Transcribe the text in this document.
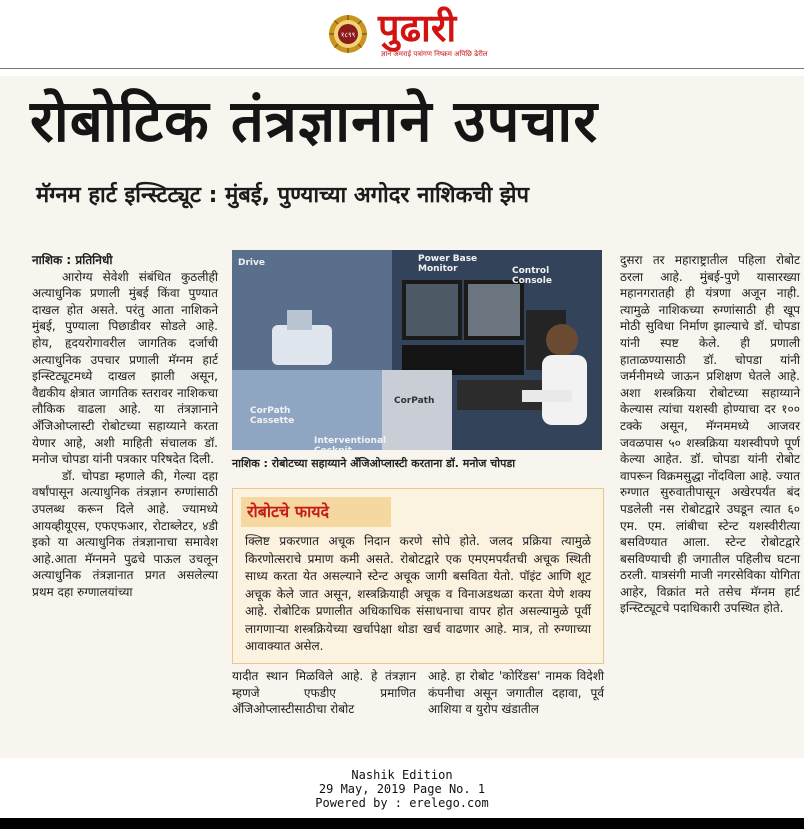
१८९९ पुढारी
ज्ञान अमराई पत्रांगण निष्क्रम अपिछि ढेरील
रोबोटिक तंत्रज्ञानाने उपचार
मॅग्नम हार्ट इन्स्टिट्यूट : मुंबई, पुण्याच्या अगोदर नाशिकची झेप
नाशिक : प्रतिनिधी

आरोग्य सेवेशी संबंधित कुठलीही अत्याधुनिक प्रणाली मुंबई किंवा पुण्यात दाखल होत असते. परंतु आता नाशिकने मुंबई, पुण्याला पिछाडीवर सोडले आहे. होय, हृदयरोगावरील जागतिक दर्जाची अत्याधुनिक उपचार प्रणाली मॅग्नम हार्ट इन्स्टिट्यूटमध्ये दाखल झाली असून, वैद्यकीय क्षेत्रात जागतिक स्तरावर नाशिकचा लौकिक वाढला आहे. या तंत्रज्ञानाने अँजिओप्लास्टी रोबोटच्या सहाय्याने करता येणार आहे, अशी माहिती संचालक डॉ. मनोज चोपडा यांनी पत्रकार परिषदेत दिली.

डॉ. चोपडा म्हणाले की, गेल्या दहा वर्षांपासून अत्याधुनिक तंत्रज्ञान रुग्णांसाठी उपलब्ध करून दिले आहे. ज्यामध्ये आयव्हीयूएस, एफएफआर, रोटाब्लेटर, ४डी इको या अत्याधुनिक तंत्रज्ञानाचा समावेश आहे.आता मॅग्नमने पुढचे पाऊल उचलून अत्याधुनिक तंत्रज्ञानात प्रगत असलेल्या प्रथम दहा रुग्णालयांच्या

Drive	Power Base
Monitor	Control
Console
CorPath
Cassette
Interventional
Cockpit
CorPath
नाशिक : रोबोटच्या सहाय्याने अँजिओप्लास्टी करताना डॉ. मनोज चोपडा
रोबोटचे फायदे
क्लिष्ट प्रकरणात अचूक निदान करणे सोपे होते. जलद प्रक्रिया त्यामुळे किरणोत्सराचे प्रमाण कमी असते. रोबोटद्वारे एक एमएमपर्यंतची अचूक स्थिती साध्य करता येत असल्याने स्टेन्ट अचूक जागी बसविता येतो. पॉइंट आणि शूट अचूक केले जात असून, शस्त्रक्रियाही अचूक व विनाअडथळा करता येणे शक्य आहे. रोबोटिक प्रणालीत अधिकाधिक संसाधनाचा वापर होत असल्यामुळे पूर्वी लागणाऱ्या शस्त्रक्रियेच्या खर्चापेक्षा थोडा खर्च वाढणार आहे. मात्र, तो रुग्णाच्या आवाक्यात असेल.
यादीत स्थान मिळविले आहे. हे तंत्रज्ञान म्हणजे एफडीए प्रमाणित अँजिओप्लास्टीसाठीचा रोबोट
आहे. हा रोबोट 'कोरिंडस' नामक विदेशी कंपनीचा असून जगातील दहावा, पूर्व आशिया व युरोप खंडातील
दुसरा तर महाराष्ट्रातील पहिला रोबोट ठरला आहे. मुंबई-पुणे यासारख्या महानगरातही ही यंत्रणा अजून नाही. त्यामुळे नाशिकच्या रुग्णांसाठी ही खूप मोठी सुविधा निर्माण झाल्याचे डॉ. चोपडा यांनी स्पष्ट केले. ही प्रणाली हाताळण्यासाठी डॉ. चोपडा यांनी जर्मनीमध्ये जाऊन प्रशिक्षण घेतले आहे. अशा शस्त्रक्रिया रोबोटच्या सहाय्याने केल्यास त्यांचा यशस्वी होण्याचा दर १०० टक्के असून, मॅग्नममध्ये आजवर जवळपास ५० शस्त्रक्रिया यशस्वीपणे पूर्ण केल्या आहेत. डॉ. चोपडा यांनी रोबोट वापरून विक्रमसुद्धा नोंदविला आहे. ज्यात रुग्णात सुरुवातीपासून अखेरपर्यंत बंद पडलेली नस रोबोटद्वारे उघडून त्यात ६० एम. एम. लांबीचा स्टेन्ट यशस्वीरीत्या बसविण्यात आला. स्टेन्ट रोबोटद्वारे बसविण्याची ही जगातील पहिलीच घटना ठरली. यात्रसंगी माजी नगरसेविका योगिता आहेर, विक्रांत मते तसेच मॅग्नम हार्ट इन्स्टिट्यूटचे पदाधिकारी उपस्थित होते.
Nashik Edition
29 May, 2019 Page No. 1
Powered by : erelego.com
